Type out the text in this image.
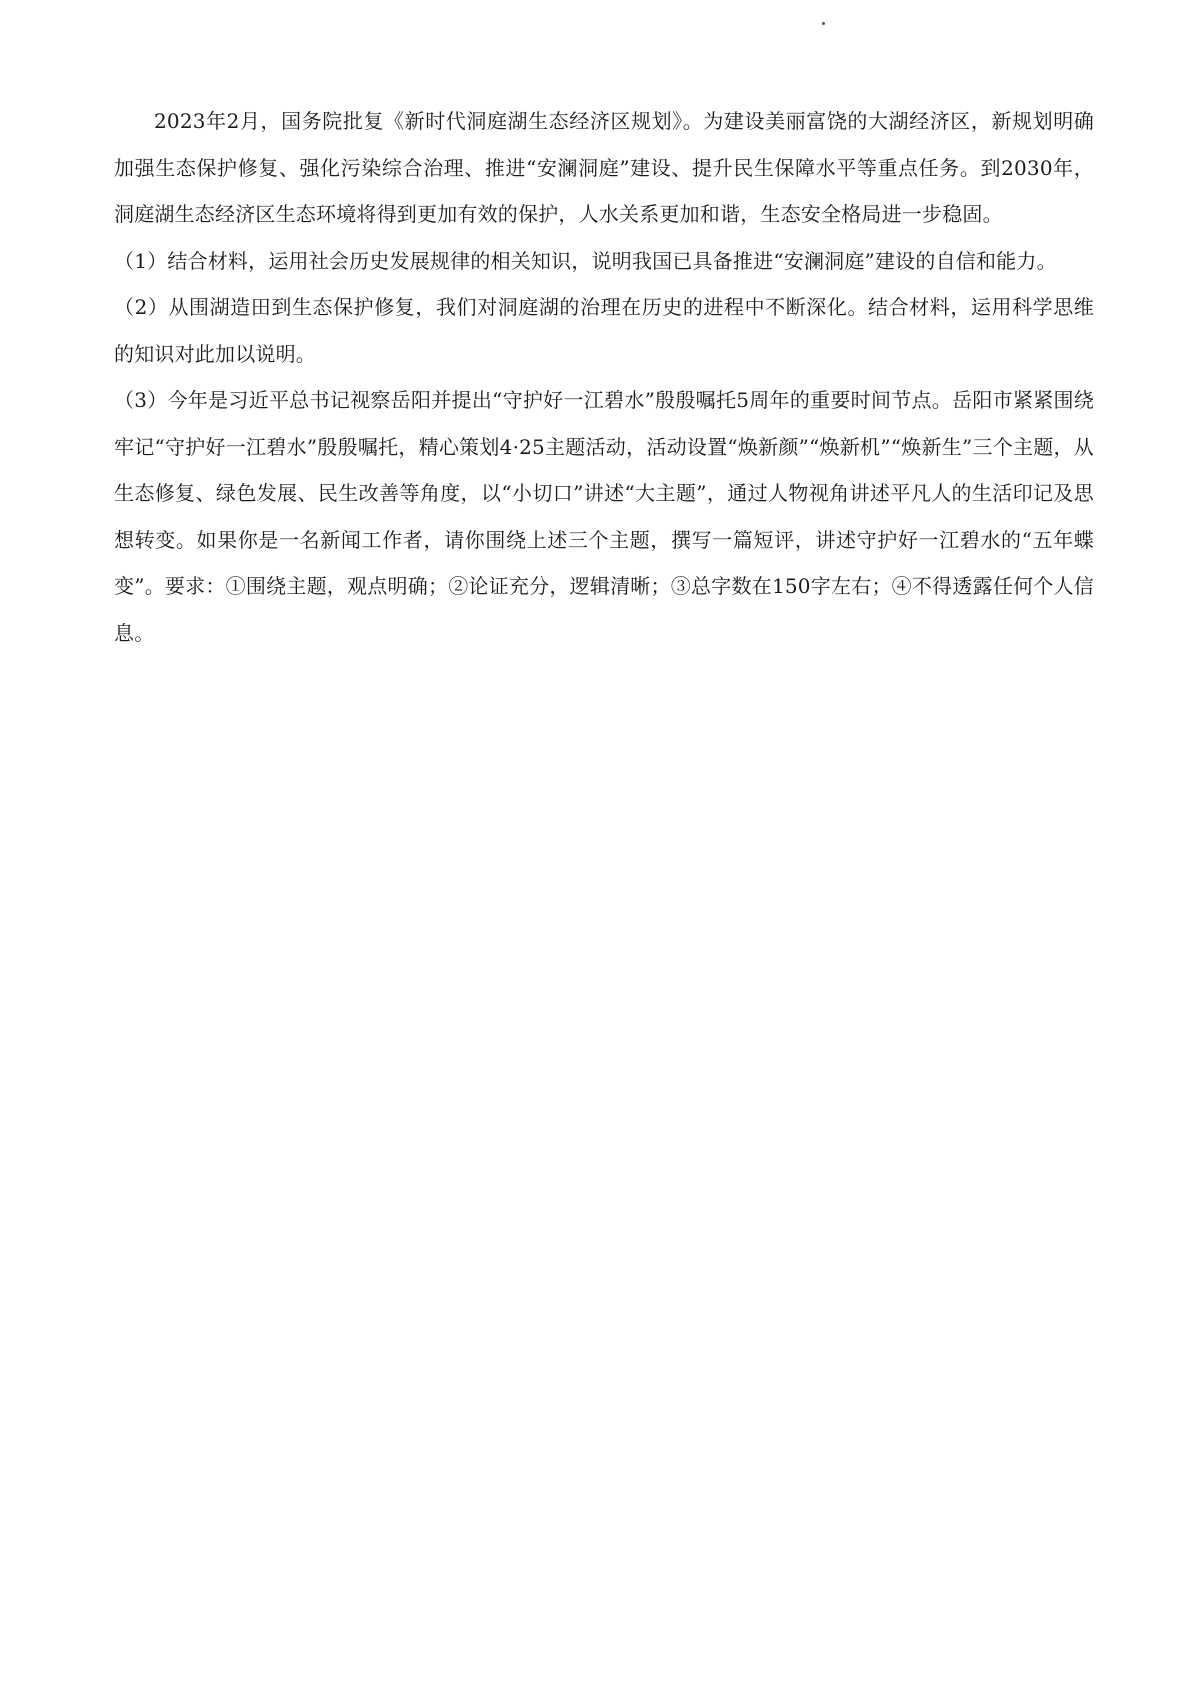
2023年2月，国务院批复《新时代洞庭湖生态经济区规划》。为建设美丽富饶的大湖经济区，新规划明确加强生态保护修复、强化污染综合治理、推进“安澜洞庭”建设、提升民生保障水平等重点任务。到2030年，洞庭湖生态经济区生态环境将得到更加有效的保护，人水关系更加和谐，生态安全格局进一步稳固。

（1）结合材料，运用社会历史发展规律的相关知识，说明我国已具备推进“安澜洞庭”建设的自信和能力。

（2）从围湖造田到生态保护修复，我们对洞庭湖的治理在历史的进程中不断深化。结合材料，运用科学思维的知识对此加以说明。

（3）今年是习近平总书记视察岳阳并提出“守护好一江碧水”殷殷嘱托5周年的重要时间节点。岳阳市紧紧围绕牢记“守护好一江碧水”殷殷嘱托，精心策划4·25主题活动，活动设置“焕新颜”“焕新机”“焕新生”三个主题，从生态修复、绿色发展、民生改善等角度，以“小切口”讲述“大主题”，通过人物视角讲述平凡人的生活印记及思想转变。如果你是一名新闻工作者，请你围绕上述三个主题，撰写一篇短评，讲述守护好一江碧水的“五年蝶变”。要求：①围绕主题，观点明确；②论证充分，逻辑清晰；③总字数在150字左右；④不得透露任何个人信息。
